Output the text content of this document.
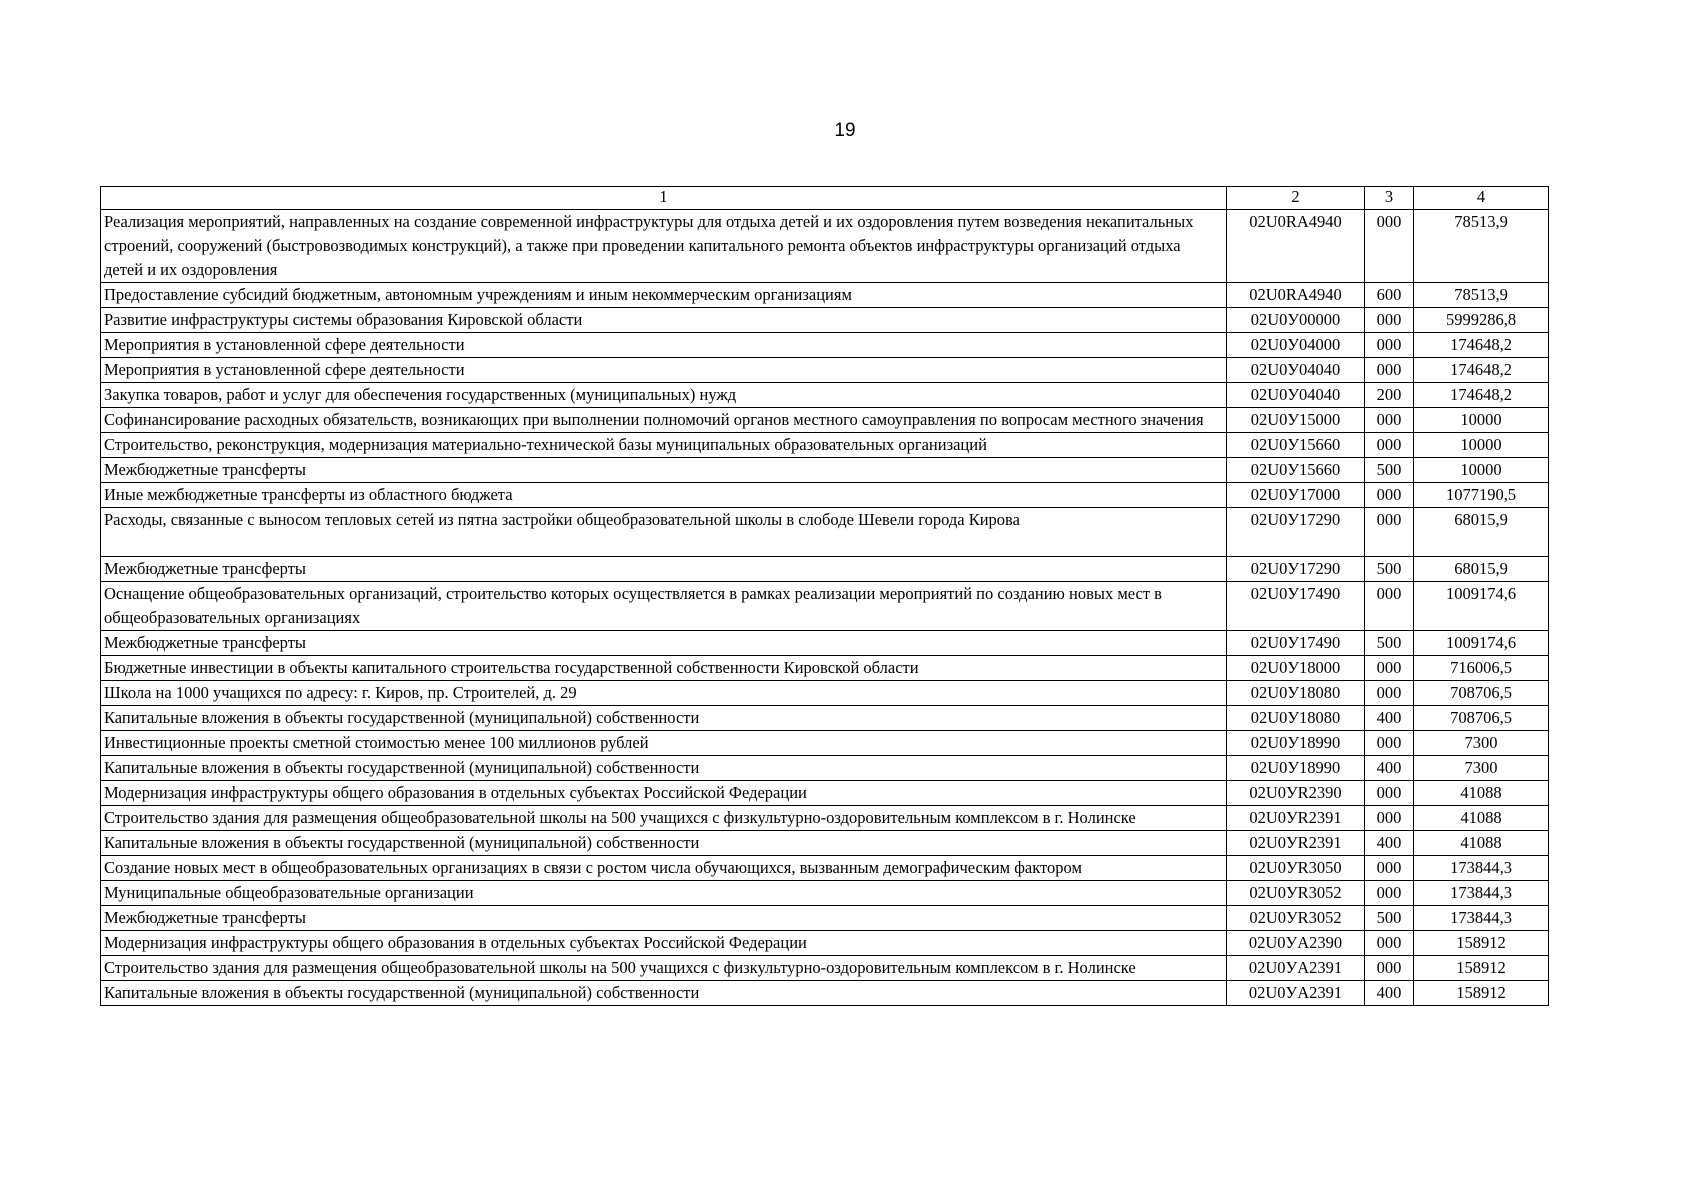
19
1	2	3	4
Реализация мероприятий, направленных на создание современной инфраструктуры для отдыха детей и их оздоровления путем возведения некапитальных строений, сооружений (быстровозводимых конструкций), а также при проведении капитального ремонта объектов инфраструктуры организаций отдыха детей и их оздоровления	02U0RA4940	000	78513,9
Предоставление субсидий бюджетным, автономным учреждениям и иным некоммерческим организациям	02U0RA4940	600	78513,9
Развитие инфраструктуры системы образования Кировской области	02U0У00000	000	5999286,8
Мероприятия в установленной сфере деятельности	02U0У04000	000	174648,2
Мероприятия в установленной сфере деятельности	02U0У04040	000	174648,2
Закупка товаров, работ и услуг для обеспечения государственных (муниципальных) нужд	02U0У04040	200	174648,2
Софинансирование расходных обязательств, возникающих при выполнении полномочий органов местного самоуправления по вопросам местного значения	02U0У15000	000	10000
Строительство, реконструкция, модернизация материально-технической базы муниципальных образовательных организаций	02U0У15660	000	10000
Межбюджетные трансферты	02U0У15660	500	10000
Иные межбюджетные трансферты из областного бюджета	02U0У17000	000	1077190,5
Расходы, связанные с выносом тепловых сетей из пятна застройки общеобразовательной школы в слободе Шевели города Кирова	02U0У17290	000	68015,9
Межбюджетные трансферты	02U0У17290	500	68015,9
Оснащение общеобразовательных организаций, строительство которых осуществляется в рамках реализации мероприятий по созданию новых мест в общеобразовательных организациях	02U0У17490	000	1009174,6
Межбюджетные трансферты	02U0У17490	500	1009174,6
Бюджетные инвестиции в объекты капитального строительства государственной собственности Кировской области	02U0У18000	000	716006,5
Школа на 1000 учащихся по адресу: г. Киров, пр. Строителей, д. 29	02U0У18080	000	708706,5
Капитальные вложения в объекты государственной (муниципальной) собственности	02U0У18080	400	708706,5
Инвестиционные проекты сметной стоимостью менее 100 миллионов рублей	02U0У18990	000	7300
Капитальные вложения в объекты государственной (муниципальной) собственности	02U0У18990	400	7300
Модернизация инфраструктуры общего образования в отдельных субъектах Российской Федерации	02U0УR2390	000	41088
Строительство здания для размещения общеобразовательной школы на 500 учащихся с физкультурно-оздоровительным комплексом в г. Нолинске	02U0УR2391	000	41088
Капитальные вложения в объекты государственной (муниципальной) собственности	02U0УR2391	400	41088
Создание новых мест в общеобразовательных организациях в связи с ростом числа обучающихся, вызванным демографическим фактором	02U0УR3050	000	173844,3
Муниципальные общеобразовательные организации	02U0УR3052	000	173844,3
Межбюджетные трансферты	02U0УR3052	500	173844,3
Модернизация инфраструктуры общего образования в отдельных субъектах Российской Федерации	02U0УA2390	000	158912
Строительство здания для размещения общеобразовательной школы на 500 учащихся с физкультурно-оздоровительным комплексом в г. Нолинске	02U0УA2391	000	158912
Капитальные вложения в объекты государственной (муниципальной) собственности	02U0УA2391	400	158912
